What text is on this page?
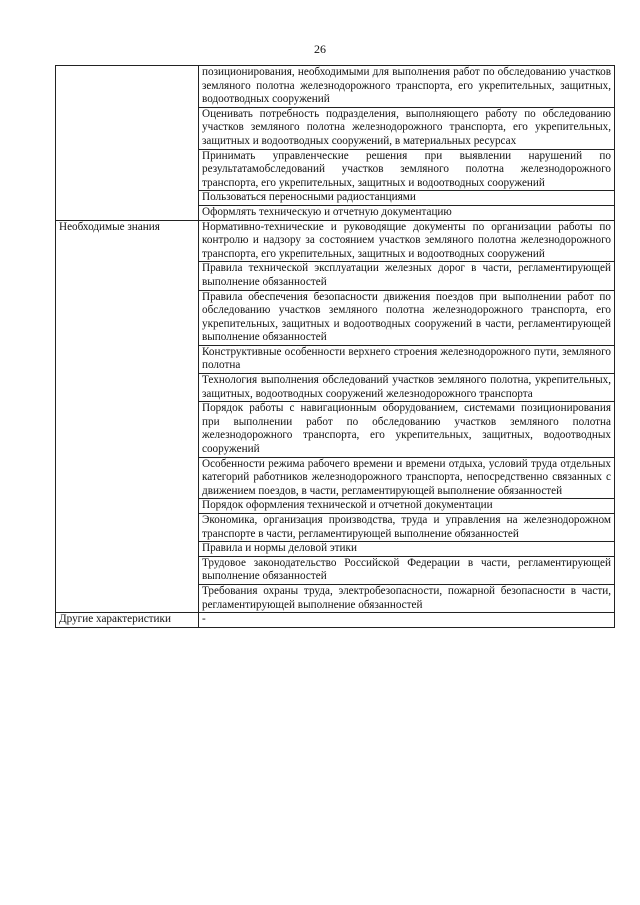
26
	позиционирования, необходимыми для выполнения работ по обследованию участков земляного полотна железнодорожного транспорта, его укрепительных, защитных, водоотводных сооружений
	Оценивать потребность подразделения, выполняющего работу по обследованию участков земляного полотна железнодорожного транспорта, его укрепительных, защитных и водоотводных сооружений, в материальных ресурсах
	Принимать управленческие решения при выявлении нарушений по результатамобследований участков земляного полотна железнодорожного транспорта, его укрепительных, защитных и водоотводных сооружений
	Пользоваться переносными радиостанциями
	Оформлять техническую и отчетную документацию
Необходимые знания	Нормативно-технические и руководящие документы по организации работы по контролю и надзору за состоянием участков земляного полотна железнодорожного транспорта, его укрепительных, защитных и водоотводных сооружений
	Правила технической эксплуатации железных дорог в части, регламентирующей выполнение обязанностей
	Правила обеспечения безопасности движения поездов при выполнении работ по обследованию участков земляного полотна железнодорожного транспорта, его укрепительных, защитных и водоотводных сооружений в части, регламентирующей выполнение обязанностей
	Конструктивные особенности верхнего строения железнодорожного пути, земляного полотна
	Технология выполнения обследований участков земляного полотна, укрепительных, защитных, водоотводных сооружений железнодорожного транспорта
	Порядок работы с навигационным оборудованием, системами позиционирования при выполнении работ по обследованию участков земляного полотна железнодорожного транспорта, его укрепительных, защитных, водоотводных сооружений
	Особенности режима рабочего времени и времени отдыха, условий труда отдельных категорий работников железнодорожного транспорта, непосредственно связанных с движением поездов, в части, регламентирующей выполнение обязанностей
	Порядок оформления технической и отчетной документации
	Экономика, организация производства, труда и управления на железнодорожном транспорте в части, регламентирующей выполнение обязанностей
	Правила и нормы деловой этики
	Трудовое законодательство Российской Федерации в части, регламентирующей выполнение обязанностей
	Требования охраны труда, электробезопасности, пожарной безопасности в части, регламентирующей выполнение обязанностей
Другие характеристики	-
